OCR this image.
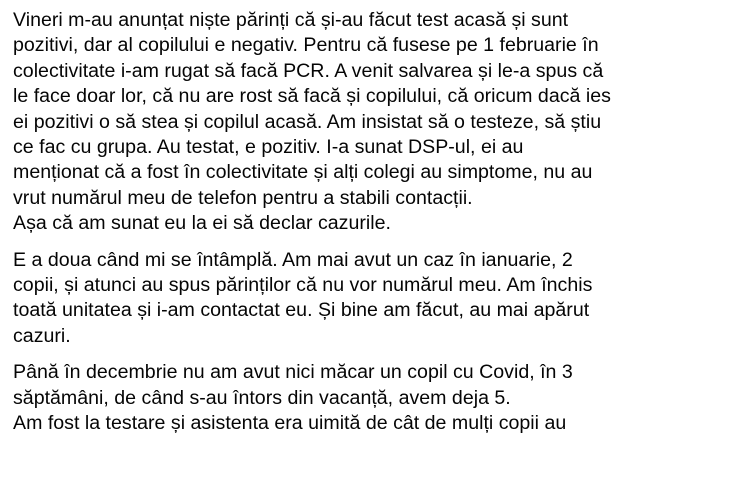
Vineri m-au anunțat niște părinți că și-au făcut test acasă și sunt
pozitivi, dar al copilului e negativ. Pentru că fusese pe 1 februarie în
colectivitate i-am rugat să facă PCR. A venit salvarea și le-a spus că
le face doar lor, că nu are rost să facă și copilului, că oricum dacă ies
ei pozitivi o să stea și copilul acasă. Am insistat să o testeze, să știu
ce fac cu grupa. Au testat, e pozitiv. I-a sunat DSP-ul, ei au
menționat că a fost în colectivitate și alți colegi au simptome, nu au
vrut numărul meu de telefon pentru a stabili contacții.
Așa că am sunat eu la ei să declar cazurile.

E a doua când mi se întâmplă. Am mai avut un caz în ianuarie, 2
copii, și atunci au spus părinților că nu vor numărul meu. Am închis
toată unitatea și i-am contactat eu. Și bine am făcut, au mai apărut
cazuri.

Până în decembrie nu am avut nici măcar un copil cu Covid, în 3
săptămâni, de când s-au întors din vacanță, avem deja 5.
Am fost la testare și asistenta era uimită de cât de mulți copii au
